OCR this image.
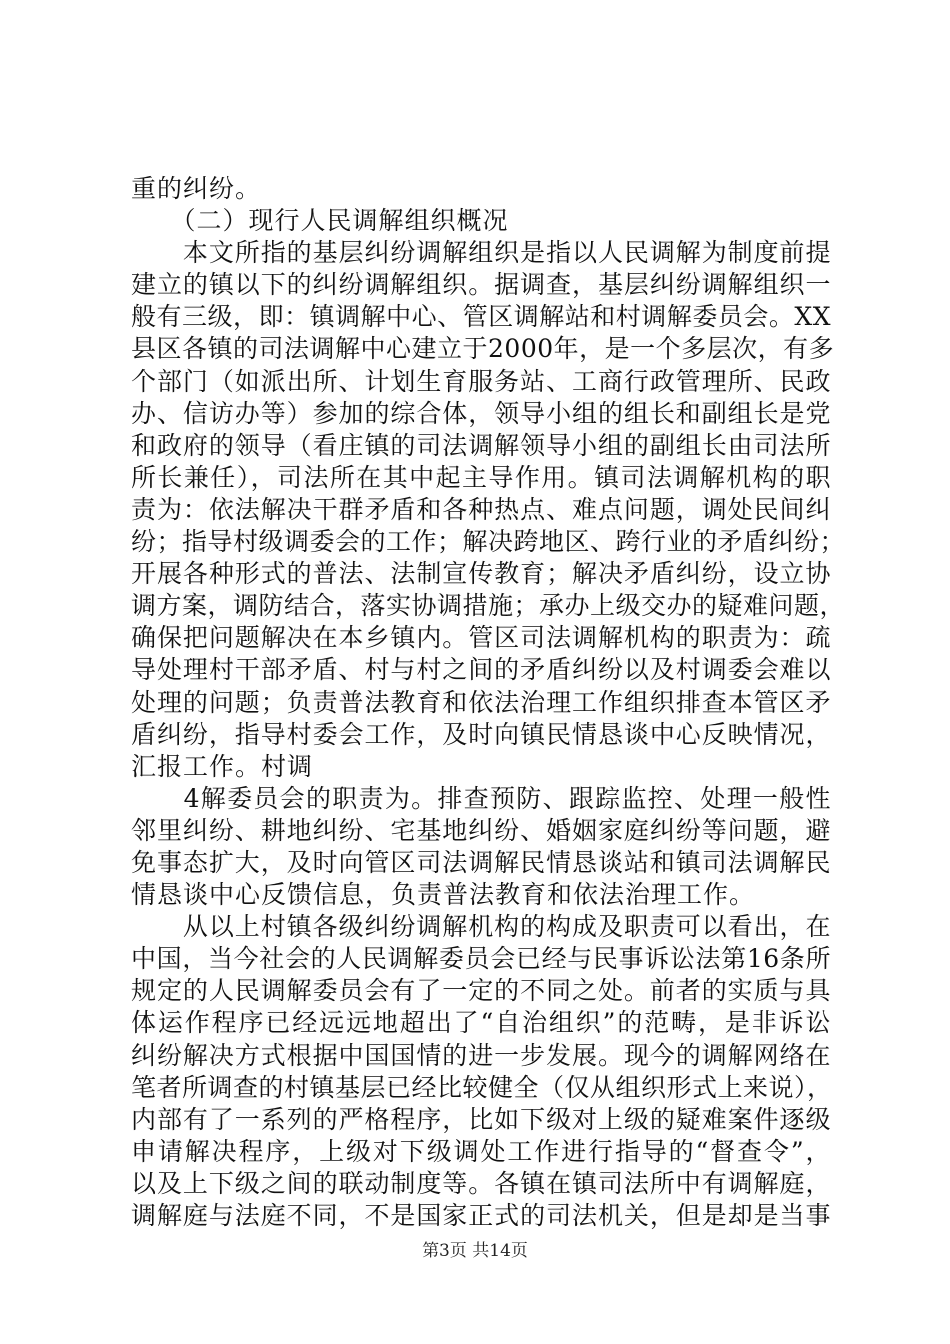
重的纠纷。
　　（二）现行人民调解组织概况
　　本文所指的基层纠纷调解组织是指以人民调解为制度前提
建立的镇以下的纠纷调解组织。据调查，基层纠纷调解组织一
般有三级，即：镇调解中心、管区调解站和村调解委员会。XX
县区各镇的司法调解中心建立于2000年，是一个多层次，有多
个部门（如派出所、计划生育服务站、工商行政管理所、民政
办、信访办等）参加的综合体，领导小组的组长和副组长是党
和政府的领导（看庄镇的司法调解领导小组的副组长由司法所
所长兼任），司法所在其中起主导作用。镇司法调解机构的职
责为：依法解决干群矛盾和各种热点、难点问题，调处民间纠
纷；指导村级调委会的工作；解决跨地区、跨行业的矛盾纠纷；
开展各种形式的普法、法制宣传教育；解决矛盾纠纷，设立协
调方案，调防结合，落实协调措施；承办上级交办的疑难问题，
确保把问题解决在本乡镇内。管区司法调解机构的职责为：疏
导处理村干部矛盾、村与村之间的矛盾纠纷以及村调委会难以
处理的问题；负责普法教育和依法治理工作组织排查本管区矛
盾纠纷，指导村委会工作，及时向镇民情恳谈中心反映情况，
汇报工作。村调
　　4解委员会的职责为。排查预防、跟踪监控、处理一般性
邻里纠纷、耕地纠纷、宅基地纠纷、婚姻家庭纠纷等问题，避
免事态扩大，及时向管区司法调解民情恳谈站和镇司法调解民
情恳谈中心反馈信息，负责普法教育和依法治理工作。
　　从以上村镇各级纠纷调解机构的构成及职责可以看出，在
中国，当今社会的人民调解委员会已经与民事诉讼法第16条所
规定的人民调解委员会有了一定的不同之处。前者的实质与具
体运作程序已经远远地超出了“自治组织”的范畴，是非诉讼
纠纷解决方式根据中国国情的进一步发展。现今的调解网络在
笔者所调查的村镇基层已经比较健全（仅从组织形式上来说），
内部有了一系列的严格程序，比如下级对上级的疑难案件逐级
申请解决程序，上级对下级调处工作进行指导的“督查令”，
以及上下级之间的联动制度等。各镇在镇司法所中有调解庭，
调解庭与法庭不同，不是国家正式的司法机关，但是却是当事
第3页 共14页
